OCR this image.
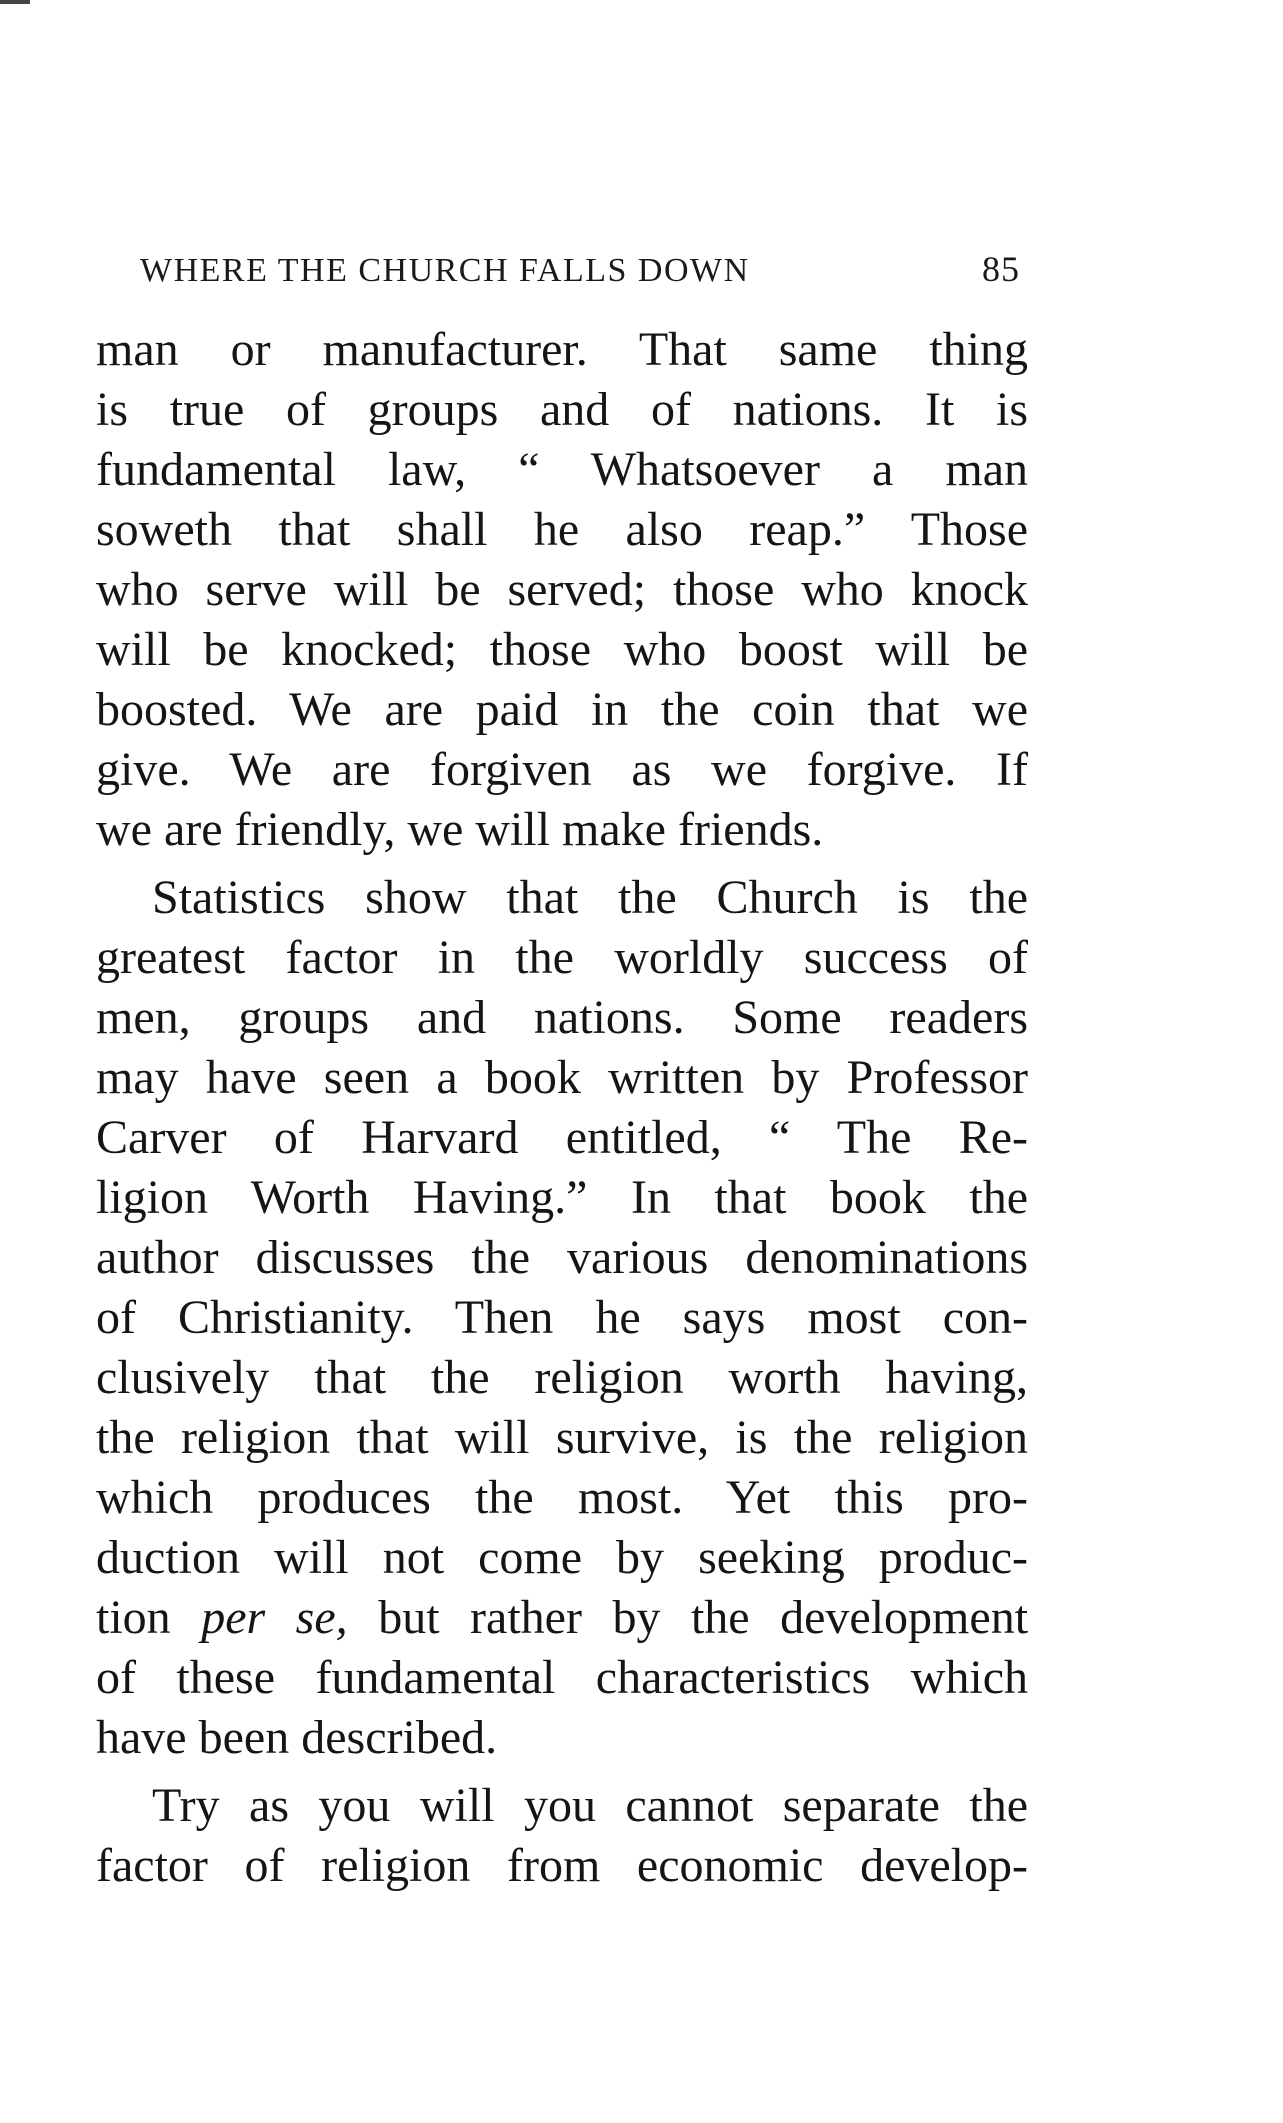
WHERE THE CHURCH FALLS DOWN	85
man or manufacturer. That same thing
is true of groups and of nations. It is
fundamental law, “ Whatsoever a man
soweth that shall he also reap.” Those
who serve will be served; those who knock
will be knocked; those who boost will be
boosted. We are paid in the coin that we
give. We are forgiven as we forgive. If
we are friendly, we will make friends.
Statistics show that the Church is the
greatest factor in the worldly success of
men, groups and nations. Some readers
may have seen a book written by Professor
Carver of Harvard entitled, “ The Re-
ligion Worth Having.” In that book the
author discusses the various denominations
of Christianity. Then he says most con-
clusively that the religion worth having,
the religion that will survive, is the religion
which produces the most. Yet this pro-
duction will not come by seeking produc-
tion per se, but rather by the development
of these fundamental characteristics which
have been described.
Try as you will you cannot separate the
factor of religion from economic develop-
